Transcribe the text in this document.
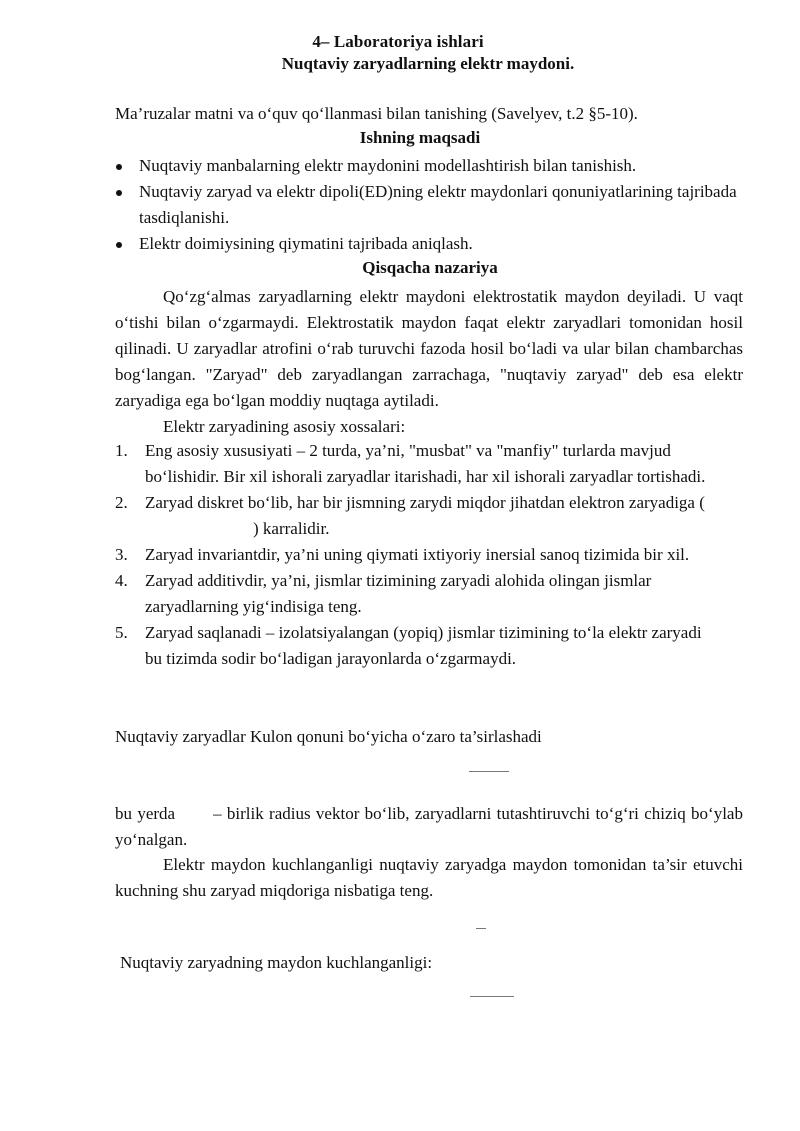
4– Laboratoriya ishlari
Nuqtaviy zaryadlarning elektr maydoni.
Ma’ruzalar matni va o‘quv qo‘llanmasi bilan tanishing (Savelyev, t.2 §5-10).
Ishning maqsadi
Nuqtaviy manbalarning elektr maydonini modellashtirish bilan tanishish.
Nuqtaviy zaryad va elektr dipoli(ED)ning elektr maydonlari qonuniyatlarining tajribada tasdiqlanishi.
Elektr doimiysining qiymatini tajribada aniqlash.
Qisqacha nazariya

Qo‘zg‘almas zaryadlarning elektr maydoni elektrostatik maydon deyiladi. U vaqt o‘tishi bilan o‘zgarmaydi. Elektrostatik maydon faqat elektr zaryadlari tomonidan hosil qilinadi. U zaryadlar atrofini o‘rab turuvchi fazoda hosil bo‘ladi va ular bilan chambarchas bog‘langan. "Zaryad" deb zaryadlangan zarrachaga, "nuqtaviy zaryad" deb esa elektr zaryadiga ega bo‘lgan moddiy nuqtaga aytiladi.

Elektr zaryadining asosiy xossalari:
1. Eng asosiy xususiyati – 2 turda, ya’ni, "musbat" va "manfiy" turlarda mavjud bo‘lishidir. Bir xil ishorali zaryadlar itarishadi, har xil ishorali zaryadlar tortishadi.
2. Zaryad diskret bo‘lib, har bir jismning zarydi miqdor jihatdan elektron zaryadiga () karralidir.
3. Zaryad invariantdir, ya’ni uning qiymati ixtiyoriy inersial sanoq tizimida bir xil.
4. Zaryad additivdir, ya’ni, jismlar tizimining zaryadi alohida olingan jismlar zaryadlarning yig‘indisiga teng.
5. Zaryad saqlanadi – izolatsiyalangan (yopiq) jismlar tizimining to‘la elektr zaryadi bu tizimda sodir bo‘ladigan jarayonlarda o‘zgarmaydi.
Nuqtaviy zaryadlar Kulon qonuni bo‘yicha o‘zaro ta’sirlashadi

bu yerda – birlik radius vektor bo‘lib, zaryadlarni tutashtiruvchi to‘g‘ri chiziq bo‘ylab yo‘nalgan.

Elektr maydon kuchlanganligi nuqtaviy zaryadga maydon tomonidan ta’sir etuvchi kuchning shu zaryad miqdoriga nisbatiga teng.

Nuqtaviy zaryadning maydon kuchlanganligi:
